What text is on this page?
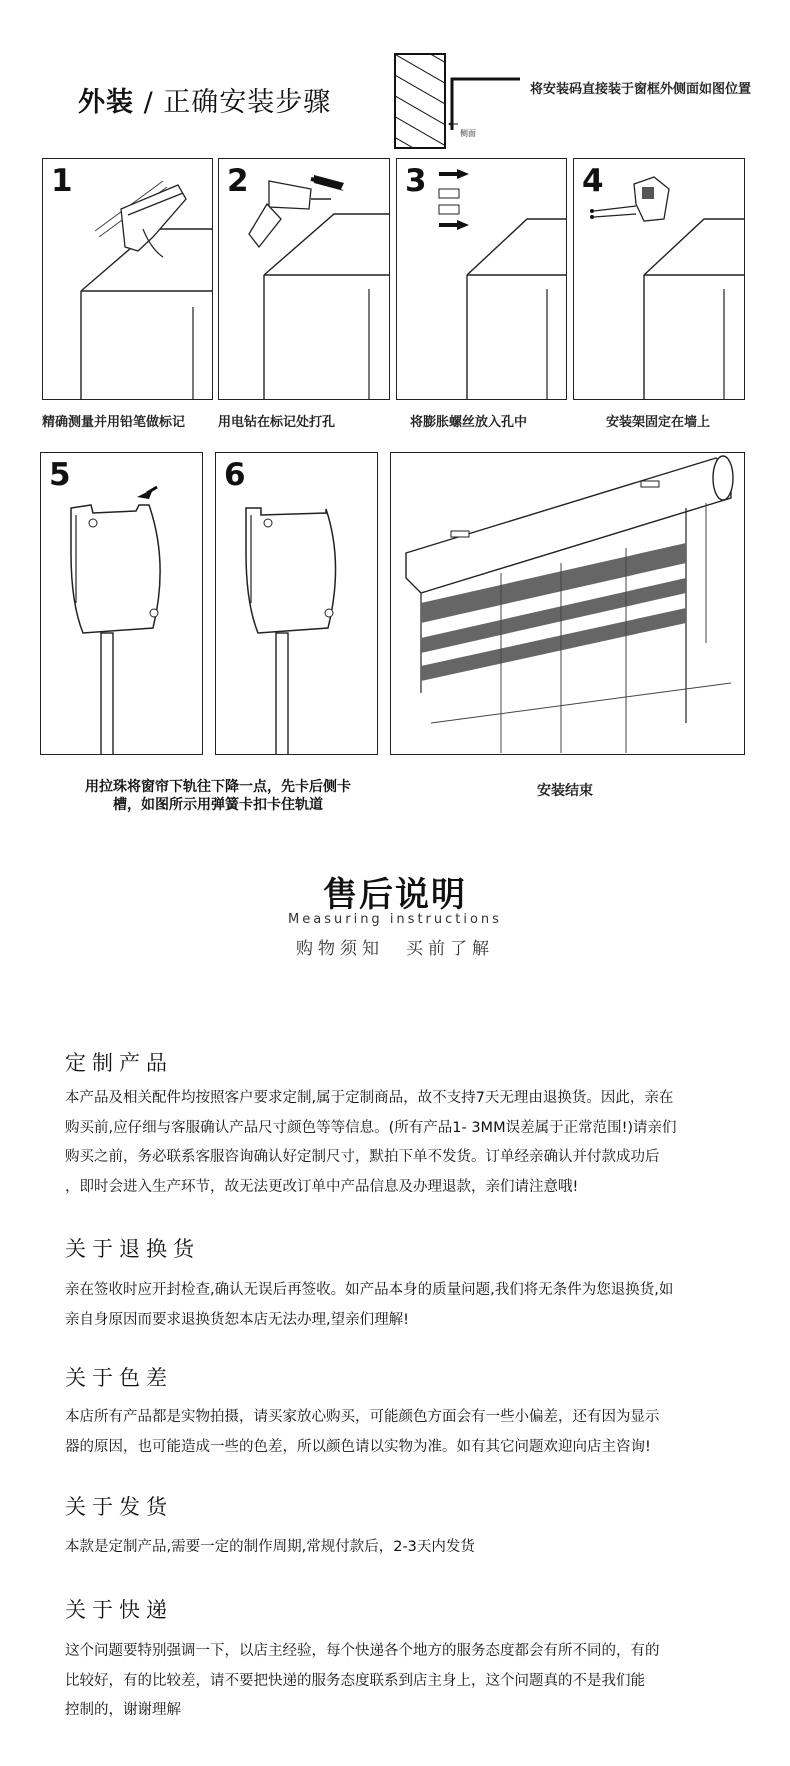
外装 / 正确安装步骤	将安装码直接装于窗框外侧面如图位置
侧面
1
精确测量并用铅笔做标记
2
用电钻在标记处打孔
3
将膨胀螺丝放入孔中
4
安装架固定在墙上
5	6
用拉珠将窗帘下轨往下降一点，先卡后侧卡
槽，如图所示用弹簧卡扣卡住轨道
安装结束
售后说明
Measuring instructions
购物须知　买前了解
定制产品
本产品及相关配件均按照客户要求定制,属于定制商品，故不支持7天无理由退换货。因此，亲在
购买前,应仔细与客服确认产品尺寸颜色等等信息。(所有产品1- 3MM误差属于正常范围!)请亲们
购买之前，务必联系客服咨询确认好定制尺寸，默拍下单不发货。订单经亲确认并付款成功后
，即时会进入生产环节，故无法更改订单中产品信息及办理退款，亲们请注意哦!
关于退换货
亲在签收时应开封检查,确认无误后再签收。如产品本身的质量问题,我们将无条件为您退换货,如
亲自身原因而要求退换货恕本店无法办理,望亲们理解!
关于色差
本店所有产品都是实物拍摄，请买家放心购买，可能颜色方面会有一些小偏差，还有因为显示
器的原因，也可能造成一些的色差，所以颜色请以实物为准。如有其它问题欢迎向店主咨询!
关于发货
本款是定制产品,需要一定的制作周期,常规付款后，2-3天内发货
关于快递
这个问题要特别强调一下，以店主经验，每个快递各个地方的服务态度都会有所不同的，有的
比较好，有的比较差，请不要把快递的服务态度联系到店主身上，这个问题真的不是我们能
控制的，谢谢理解
